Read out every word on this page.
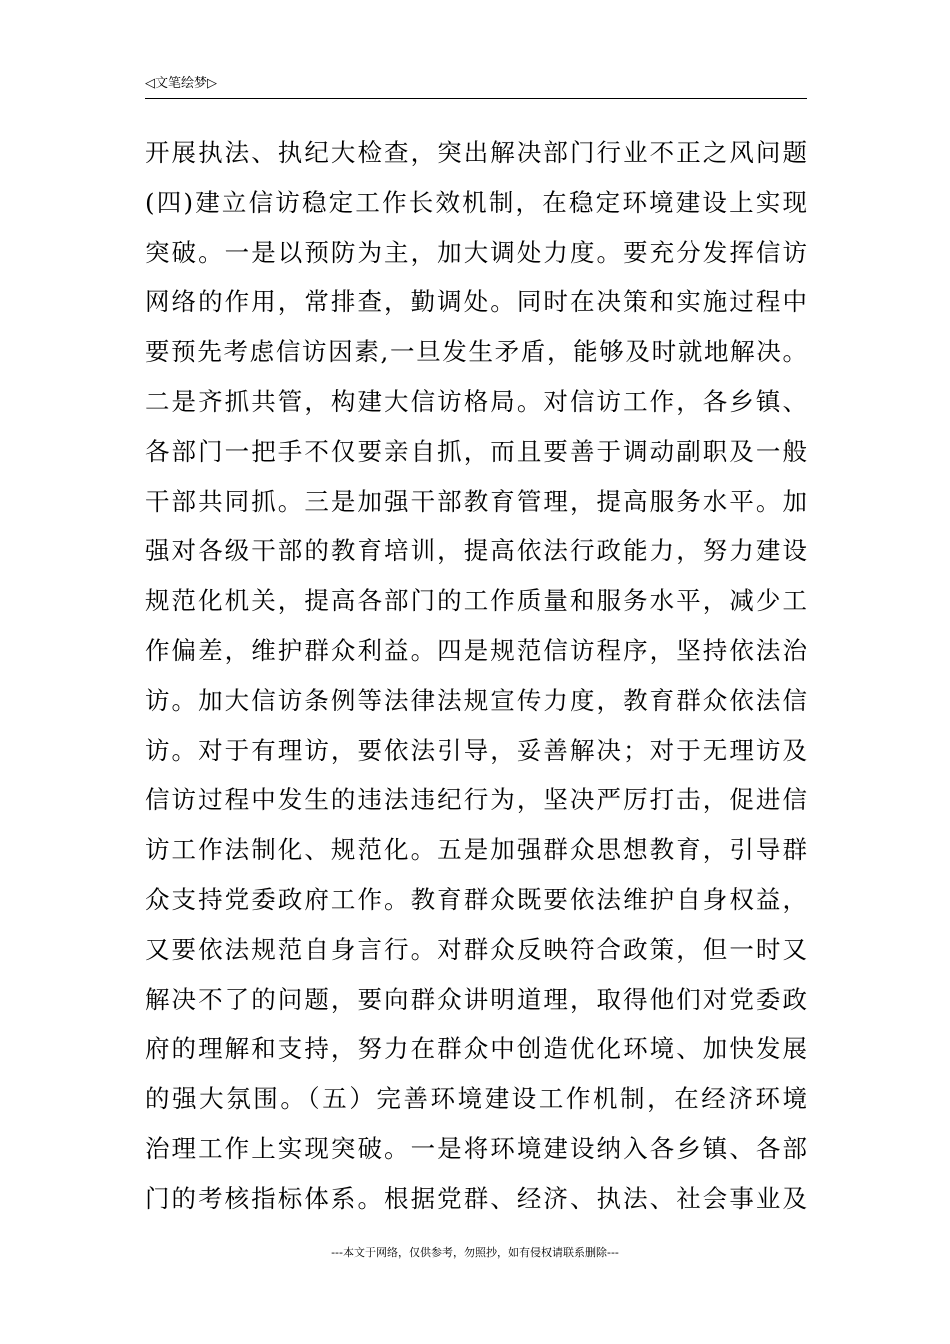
◁文笔绘梦▷
开展执法、执纪大检查，突出解决部门行业不正之风问题
(四)建立信访稳定工作长效机制，在稳定环境建设上实现
突破。一是以预防为主，加大调处力度。要充分发挥信访
网络的作用，常排查，勤调处。同时在决策和实施过程中
要预先考虑信访因素,一旦发生矛盾，能够及时就地解决。
二是齐抓共管，构建大信访格局。对信访工作，各乡镇、
各部门一把手不仅要亲自抓，而且要善于调动副职及一般
干部共同抓。三是加强干部教育管理，提高服务水平。加
强对各级干部的教育培训，提高依法行政能力，努力建设
规范化机关，提高各部门的工作质量和服务水平，减少工
作偏差，维护群众利益。四是规范信访程序，坚持依法治
访。加大信访条例等法律法规宣传力度，教育群众依法信
访。对于有理访，要依法引导，妥善解决；对于无理访及
信访过程中发生的违法违纪行为，坚决严厉打击，促进信
访工作法制化、规范化。五是加强群众思想教育，引导群
众支持党委政府工作。教育群众既要依法维护自身权益，
又要依法规范自身言行。对群众反映符合政策，但一时又
解决不了的问题，要向群众讲明道理，取得他们对党委政
府的理解和支持，努力在群众中创造优化环境、加快发展
的强大氛围。（五）完善环境建设工作机制，在经济环境
治理工作上实现突破。一是将环境建设纳入各乡镇、各部
门的考核指标体系。根据党群、经济、执法、社会事业及
---本文于网络，仅供参考，勿照抄，如有侵权请联系删除---
